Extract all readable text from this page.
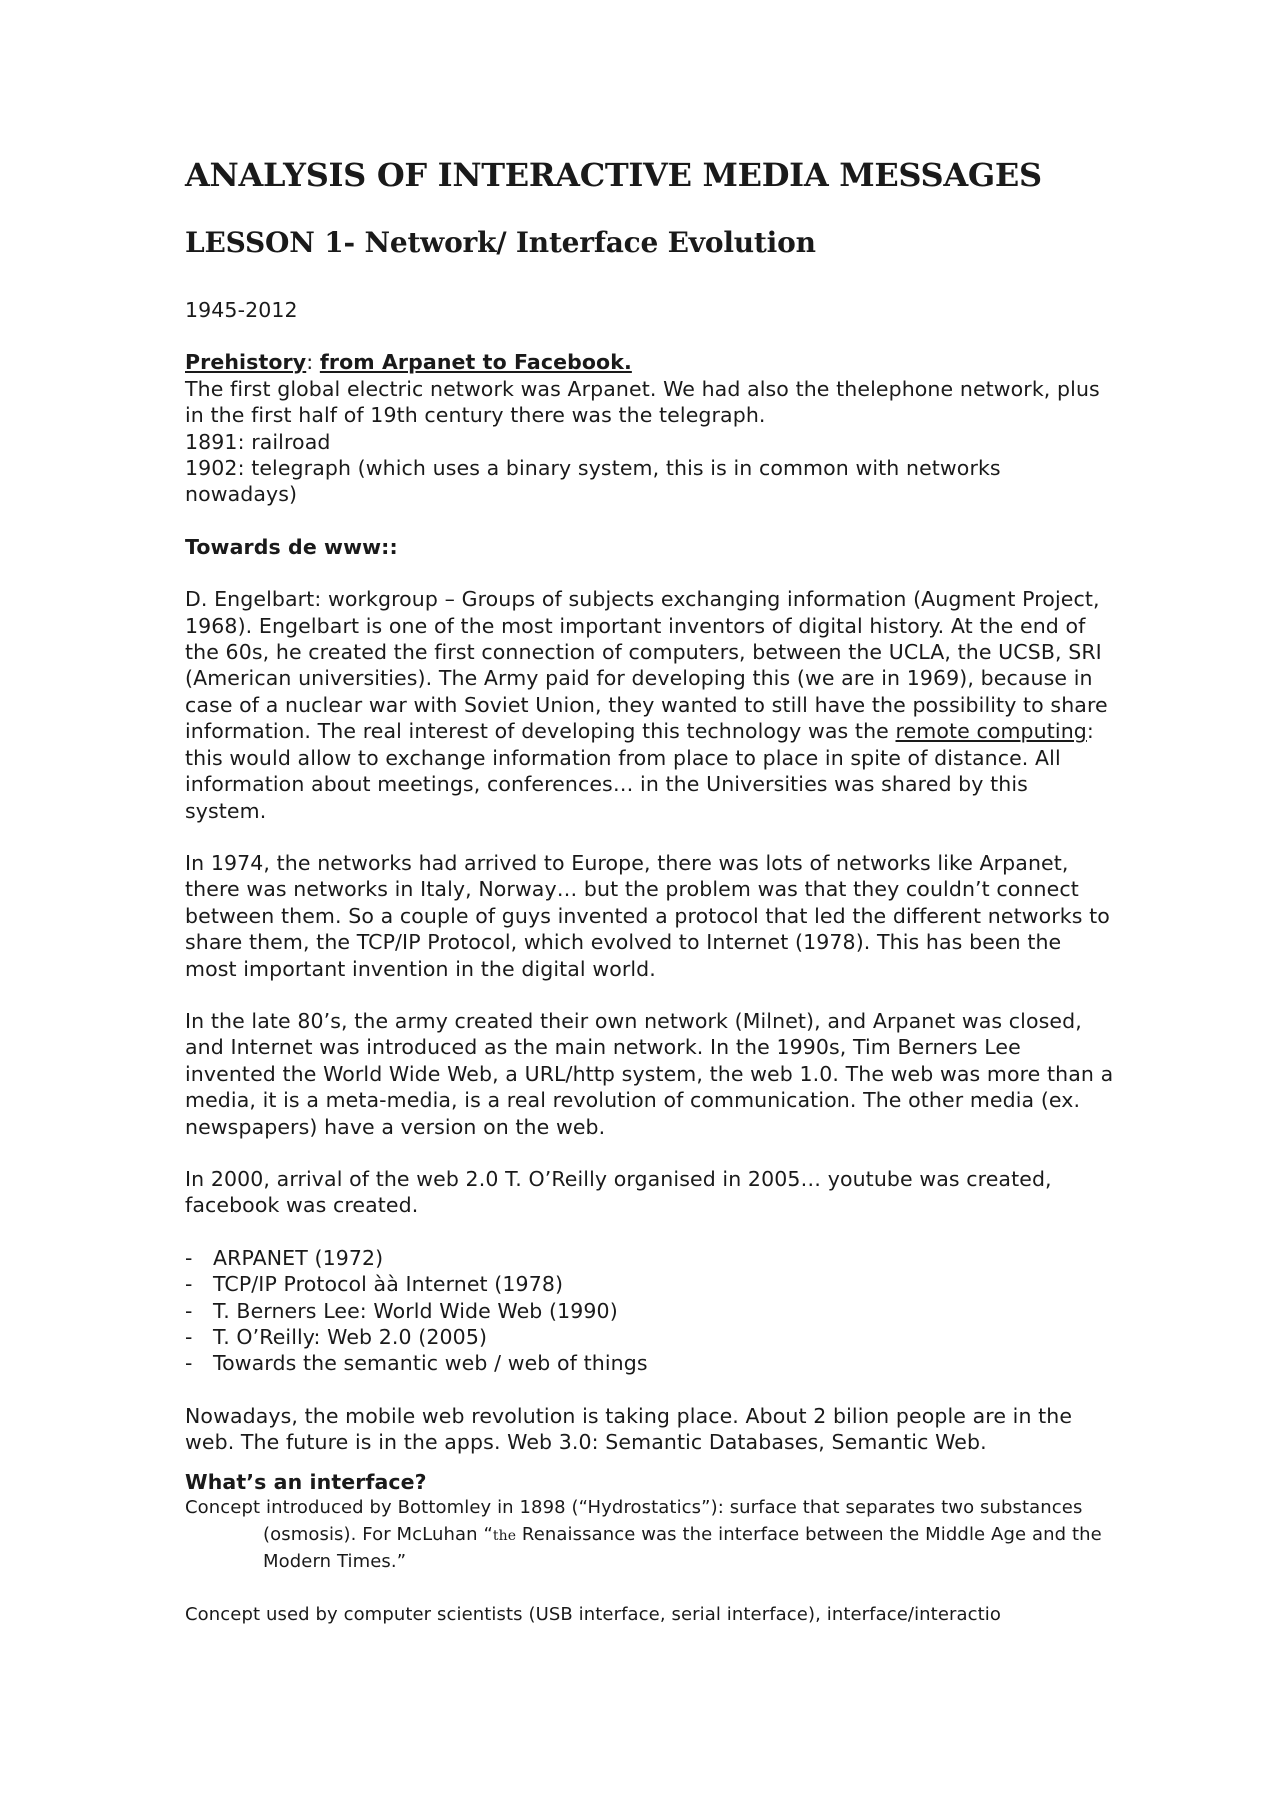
ANALYSIS OF INTERACTIVE MEDIA MESSAGES
LESSON 1- Network/ Interface Evolution

1945-2012

Prehistory: from Arpanet to Facebook.

The first global electric network was Arpanet. We had also the thelephone network, plus in the first half of 19th century there was the telegraph.

1891: railroad

1902: telegraph (which uses a binary system, this is in common with networks nowadays)

Towards de www::

D. Engelbart: workgroup – Groups of subjects exchanging information (Augment Project, 1968). Engelbart is one of the most important inventors of digital history. At the end of the 60s, he created the first connection of computers, between the UCLA, the UCSB, SRI (American universities). The Army paid for developing this (we are in 1969), because in case of a nuclear war with Soviet Union, they wanted to still have the possibility to share information. The real interest of developing this technology was the remote computing: this would allow to exchange information from place to place in spite of distance. All information about meetings, conferences… in the Universities was shared by this system.

In 1974, the networks had arrived to Europe, there was lots of networks like Arpanet, there was networks in Italy, Norway… but the problem was that they couldn’t connect between them. So a couple of guys invented a protocol that led the different networks to share them, the TCP/IP Protocol, which evolved to Internet (1978). This has been the most important invention in the digital world.

In the late 80’s, the army created their own network (Milnet), and Arpanet was closed, and Internet was introduced as the main network. In the 1990s, Tim Berners Lee invented the World Wide Web, a URL/http system, the web 1.0. The web was more than a media, it is a meta-media, is a real revolution of communication. The other media (ex. newspapers) have a version on the web.

In 2000, arrival of the web 2.0 T. O’Reilly organised in 2005… youtube was created, facebook was created.

- ARPANET (1972)
- TCP/IP Protocol àà Internet (1978)
- T. Berners Lee: World Wide Web (1990)
- T. O’Reilly: Web 2.0 (2005)
- Towards the semantic web / web of things

Nowadays, the mobile web revolution is taking place. About 2 bilion people are in the web. The future is in the apps. Web 3.0: Semantic Databases, Semantic Web.

What’s an interface?

Concept introduced by Bottomley in 1898 (“Hydrostatics”): surface that separates two substances (osmosis). For McLuhan “the Renaissance was the interface between the Middle Age and the Modern Times.”

Concept used by computer scientists (USB interface, serial interface), interface/interactio
